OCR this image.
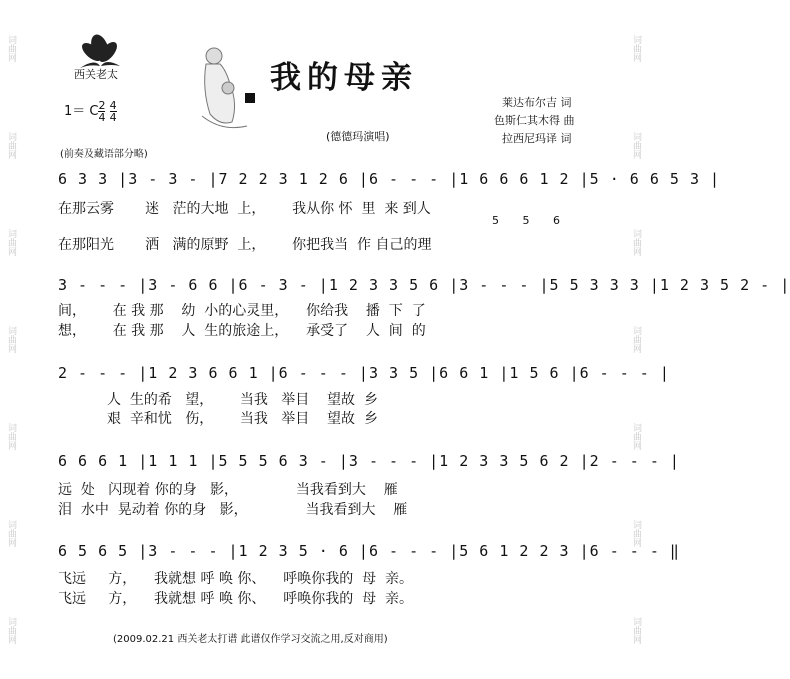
词曲网
词曲网
词曲网
词曲网
词曲网
词曲网
词曲网
词曲网
词曲网
词曲网
词曲网
词曲网
词曲网
词曲网
西关老太	我的母亲
1＝ C $\frac{2}{4}$
$\frac{4}{4}$	莱达布尔吉 词
色斯仁其木得 曲
拉西尼玛译 词
(德德玛演唱)
(前奏及藏语部分略)
6 3 3 |3 - 3 - |7 2 2 3 1 2 6 |6 - - - |1 6 6 6 1 2 |5 · 6 6 5 3 |
5 5 6
在那云雾       迷   茫的大地  上，      我从你 怀  里  来 到人
在那阳光       洒   满的原野  上，      你把我当  作 自己的理
3 - - - |3 - 6 6 |6 - 3 - |1 2 3 3 5 6 |3 - - - |5 5 3 3 3 |1 2 3 5 2 - |
间，      在 我 那    幼  小的心灵里，    你给我    播  下  了
想，      在 我 那    人  生的旅途上，    承受了    人  间  的
2 - - - |1 2 3 6 6 1 |6 - - - |3 3 5 |6 6 1 |1 5 6 |6 - - - |
人  生的希   望，      当我   举目    望故  乡
艰  辛和忧   伤，      当我   举目    望故  乡
6 6 6 1 |1 1 1 |5 5 5 6 3 - |3 - - - |1 2 3 3 5 6 2 |2 - - - |
远  处   闪现着 你的身   影，             当我看到大    雁
泪  水中  晃动着 你的身   影，             当我看到大    雁
6 5 6 5 |3 - - - |1 2 3 5 · 6 |6 - - - |5 6 1 2 2 3 |6 - - - ‖
飞远     方，    我就想 呼 唤 你、    呼唤你我的  母  亲。
飞远     方，    我就想 呼 唤 你、    呼唤你我的  母  亲。
(2009.02.21 西关老太打谱 此谱仅作学习交流之用,反对商用)
